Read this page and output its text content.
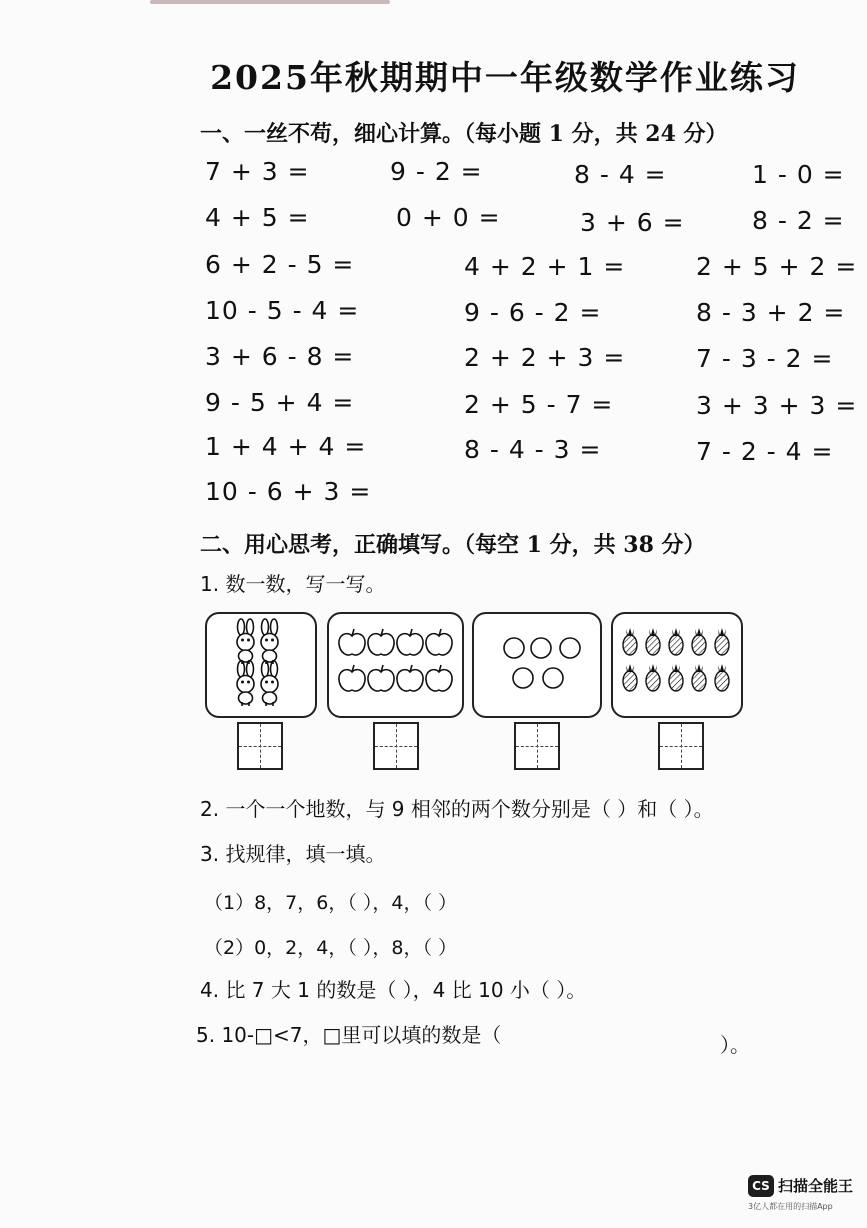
2025年秋期期中一年级数学作业练习
一、一丝不苟，细心计算。（每小题 1 分，共 24 分）
7 + 3 =	9 - 2 =	8 - 4 =	1 - 0 =
4 + 5 =	0 + 0 =	3 + 6 =	8 - 2 =
6 + 2 - 5 =	4 + 2 + 1 =	2 + 5 + 2 =
10 - 5 - 4 =	9 - 6 - 2 =	8 - 3 + 2 =
3 + 6 - 8 =	2 + 2 + 3 =	7 - 3 - 2 =
9 - 5 + 4 =	2 + 5 - 7 =	3 + 3 + 3 =
1 + 4 + 4 =	8 - 4 - 3 =	7 - 2 - 4 =
10 - 6 + 3 =
二、用心思考，正确填写。（每空 1 分，共 38 分）
1. 数一数，写一写。
2. 一个一个地数，与 9 相邻的两个数分别是（ ）和（ ）。
3. 找规律，填一填。
（1）8，7，6，（ ），4，（ ）
（2）0，2，4，（ ），8，（ ）
4. 比 7 大 1 的数是（ ），4 比 10 小（ ）。
5. 10-□<7，□里可以填的数是（	）。
CS 扫描全能王
3亿人都在用的扫描App
